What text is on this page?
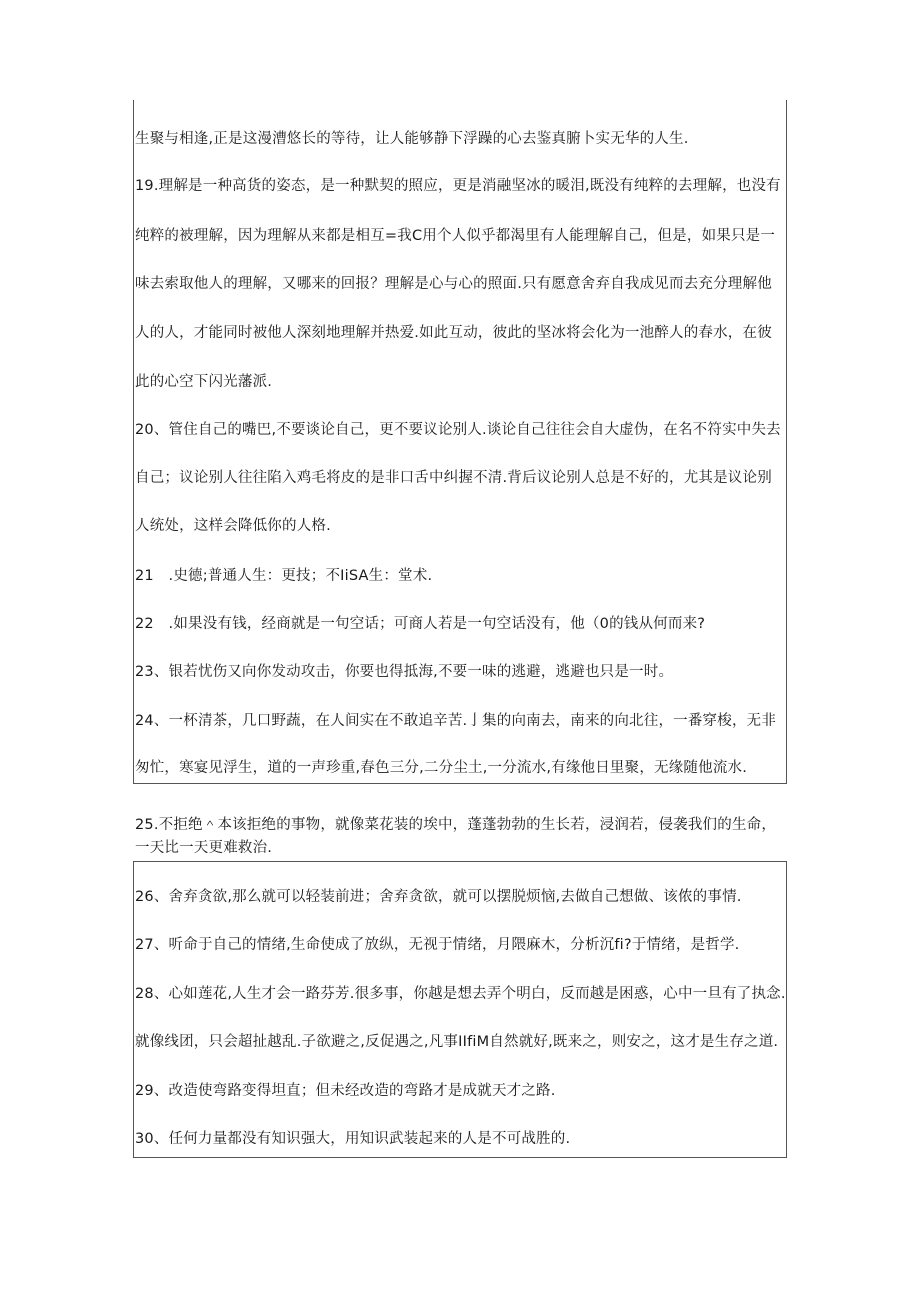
生聚与相逢,正是这漫漕悠长的等待，让人能够静下浮躁的心去鉴真腑卜实无华的人生.
19.理解是一种高货的姿态，是一种默契的照应，更是消融坚冰的暖泪,既没有纯粹的去理解，也没有
纯粹的被理解，因为理解从来都是相互=我C用个人似乎都渴里有人能理解自己，但是，如果只是一
味去索取他人的理解，又哪来的回报？理解是心与心的照面.只有愿意舍弃自我成见而去充分理解他
人的人，才能同时被他人深刻地理解并热爱.如此互动，彼此的坚冰将会化为一池醉人的春水，在彼
此的心空下闪光藩派.
20、管住自己的嘴巴,不要谈论自己，更不要议论别人.谈论自己往往会自大虚伪，在名不符实中失去
自己；议论别人往往陷入鸡毛将皮的是非口舌中纠握不清.背后议论别人总是不好的，尤其是议论别
人统处，这样会降低你的人格.
21　.史德;普通人生：更技；不IiSA生：堂术.
22　.如果没有钱，经商就是一句空话；可商人若是一句空话没有，他（0的钱从何而来?
23、银若忧伤又向你发动攻击，你要也得抵海,不要一味的逃避，逃避也只是一时。
24、一杯清茶，几口野蔬，在人间实在不敢追辛苦.亅集的向南去，南来的向北往，一番穿梭，无非
匆忙，寒宴见浮生，道的一声珍重,春色三分,二分尘土,一分流水,有缘他日里聚，无缘随他流水.
25.不拒绝＾本该拒绝的事物，就像菜花装的埃中，蓬蓬勃勃的生长若，浸润若，侵袭我们的生命，
一天比一天更难救治.
26、舍弃贪欲,那么就可以轻装前进；舍弃贪欲，就可以摆脱烦恼,去做自己想做、该侬的事情.
27、听命于自己的情绪,生命使成了放纵，无视于情绪，月隈麻木，分析沉fi?于情绪，是哲学.
28、心如莲花,人生才会一路芬芳.很多事，你越是想去弄个明白，反而越是困惑，心中一旦有了执念.
就像线团，只会超扯越乱.子欲避之,反促遇之,凡事IIfiM自然就好,既来之，则安之，这才是生存之道.
29、改造使弯路变得坦直；但未经改造的弯路才是成就天才之路.
30、任何力量都没有知识强大，用知识武装起来的人是不可战胜的.
